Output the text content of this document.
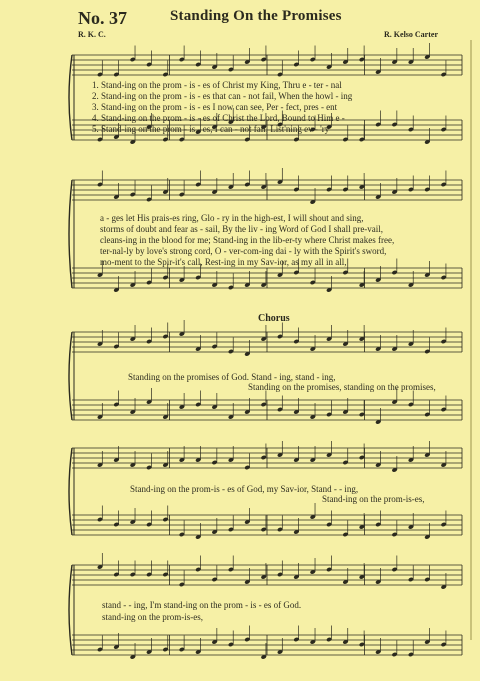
No. 37	Standing On the Promises
R. K. C.	R. Kelso Carter
1. Stand-ing on the prom - is - es of Christ my King, Thru e - ter - nal
2. Stand-ing on the prom - is - es that can - not fail, When the howl - ing
3. Stand-ing on the prom - is - es I now can see, Per - fect, pres - ent
4. Stand-ing on the prom - is - es of Christ the Lord, Bound to Him e -
5. Stand-ing on the prom - is - es, I can - not fall, List'ning ev - 'ry
a - ges let His prais-es ring, Glo - ry in the high-est, I will shout and sing,
storms of doubt and fear as - sail, By the liv - ing Word of God I shall pre-vail,
cleans-ing in the blood for me; Stand-ing in the lib-er-ty where Christ makes free,
ter-nal-ly by love's strong cord, O - ver-com-ing dai - ly with the Spirit's sword,
mo-ment to the Spir-it's call, Rest-ing in my Sav-ior, as my all in all,
Chorus
Standing on the promises of God. Stand - ing, stand - ing,
Standing on the promises, standing on the promises,
Stand-ing on the prom-is - es of God, my Sav-ior, Stand - - ing,
Stand-ing on the prom-is-es,
stand - - ing, I'm stand-ing on the prom - is - es of God.
stand-ing on the prom-is-es,
